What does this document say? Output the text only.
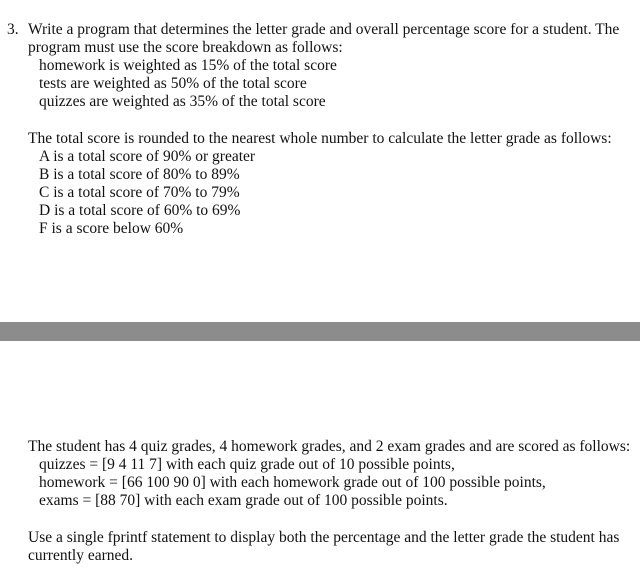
3. Write a program that determines the letter grade and overall percentage score for a student. The
program must use the score breakdown as follows:
homework is weighted as 15% of the total score
tests are weighted as 50% of the total score
quizzes are weighted as 35% of the total score
The total score is rounded to the nearest whole number to calculate the letter grade as follows:
A is a total score of 90% or greater
B is a total score of 80% to 89%
C is a total score of 70% to 79%
D is a total score of 60% to 69%
F is a score below 60%
The student has 4 quiz grades, 4 homework grades, and 2 exam grades and are scored as follows:
quizzes = [9 4 11 7] with each quiz grade out of 10 possible points,
homework = [66 100 90 0] with each homework grade out of 100 possible points,
exams = [88 70] with each exam grade out of 100 possible points.
Use a single fprintf statement to display both the percentage and the letter grade the student has
currently earned.
